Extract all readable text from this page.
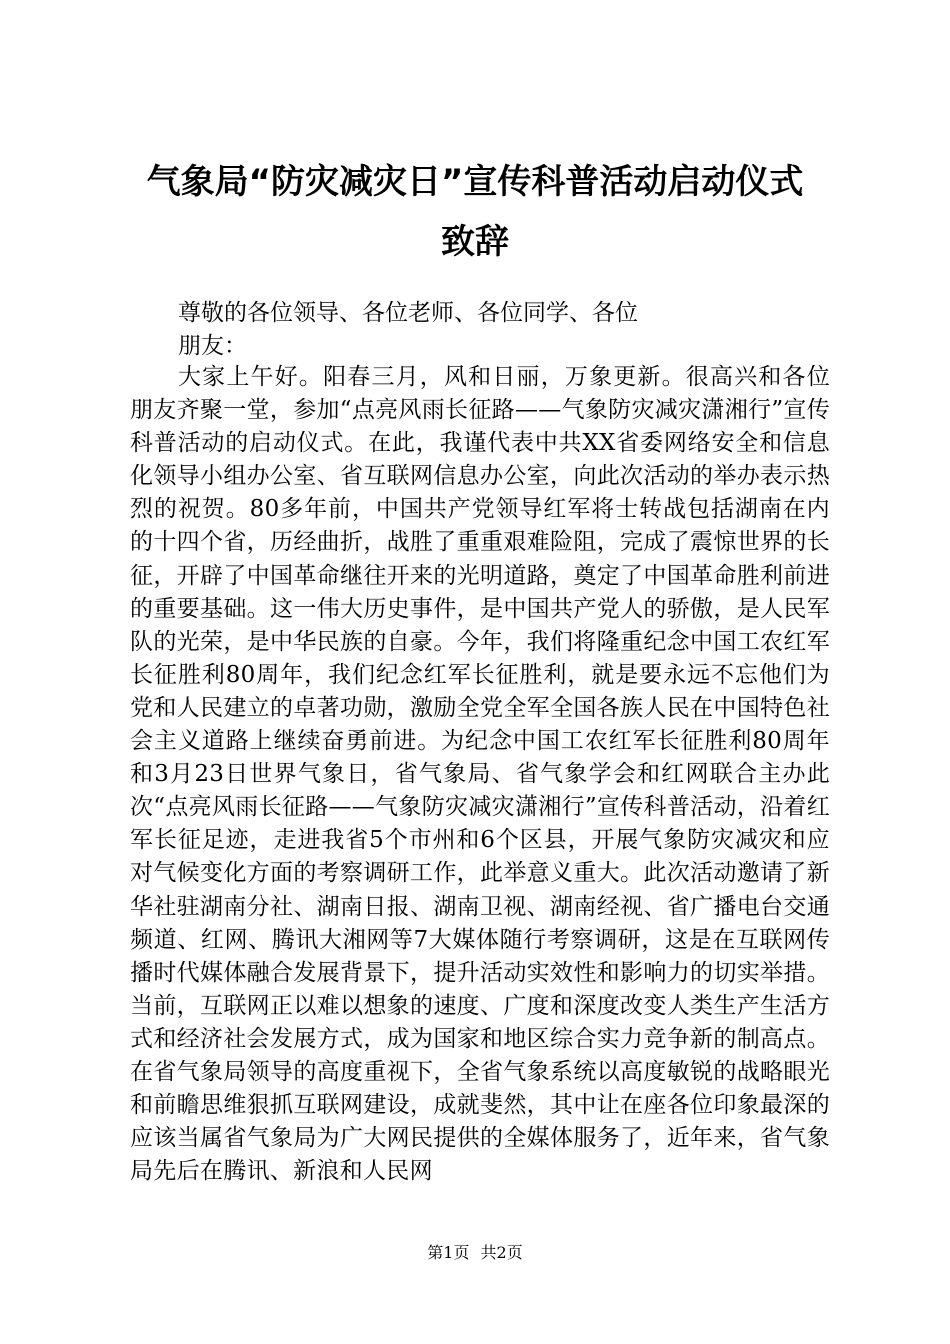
气象局“防灾减灾日”宣传科普活动启动仪式
致辞

尊敬的各位领导、各位老师、各位同学、各位

朋友：

大家上午好。阳春三月，风和日丽，万象更新。很高兴和各位朋友齐聚一堂，参加“点亮风雨长征路——气象防灾减灾潇湘行”宣传科普活动的启动仪式。在此，我谨代表中共XX省委网络安全和信息化领导小组办公室、省互联网信息办公室，向此次活动的举办表示热烈的祝贺。80多年前，中国共产党领导红军将士转战包括湖南在内的十四个省，历经曲折，战胜了重重艰难险阻，完成了震惊世界的长征，开辟了中国革命继往开来的光明道路，奠定了中国革命胜利前进的重要基础。这一伟大历史事件，是中国共产党人的骄傲，是人民军队的光荣，是中华民族的自豪。今年，我们将隆重纪念中国工农红军长征胜利80周年，我们纪念红军长征胜利，就是要永远不忘他们为党和人民建立的卓著功勋，激励全党全军全国各族人民在中国特色社会主义道路上继续奋勇前进。为纪念中国工农红军长征胜利80周年和3月23日世界气象日，省气象局、省气象学会和红网联合主办此次“点亮风雨长征路——气象防灾减灾潇湘行”宣传科普活动，沿着红军长征足迹，走进我省5个市州和6个区县，开展气象防灾减灾和应对气候变化方面的考察调研工作，此举意义重大。此次活动邀请了新华社驻湖南分社、湖南日报、湖南卫视、湖南经视、省广播电台交通频道、红网、腾讯大湘网等7大媒体随行考察调研，这是在互联网传播时代媒体融合发展背景下，提升活动实效性和影响力的切实举措。当前，互联网正以难以想象的速度、广度和深度改变人类生产生活方式和经济社会发展方式，成为国家和地区综合实力竞争新的制高点。在省气象局领导的高度重视下，全省气象系统以高度敏锐的战略眼光和前瞻思维狠抓互联网建设，成就斐然，其中让在座各位印象最深的应该当属省气象局为广大网民提供的全媒体服务了，近年来，省气象局先后在腾讯、新浪和人民网

第1页 共2页
